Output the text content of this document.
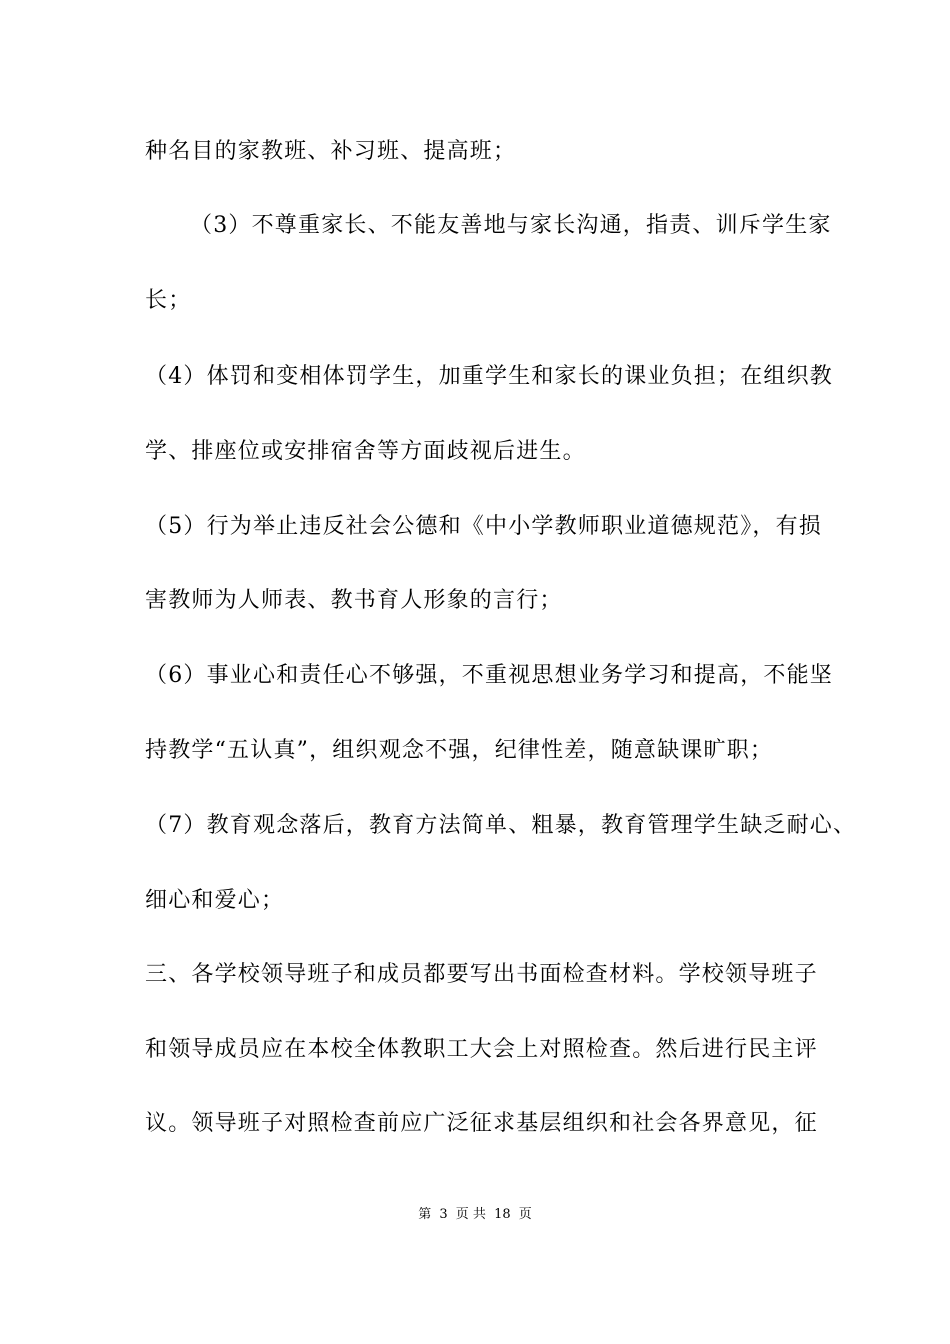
种名目的家教班、补习班、提高班；
（3）不尊重家长、不能友善地与家长沟通，指责、训斥学生家
长；
（4）体罚和变相体罚学生，加重学生和家长的课业负担；在组织教
学、排座位或安排宿舍等方面歧视后进生。
（5）行为举止违反社会公德和《中小学教师职业道德规范》，有损
害教师为人师表、教书育人形象的言行；
（6）事业心和责任心不够强，不重视思想业务学习和提高，不能坚
持教学“五认真”，组织观念不强，纪律性差，随意缺课旷职；
（7）教育观念落后，教育方法简单、粗暴，教育管理学生缺乏耐心、
细心和爱心；
三、各学校领导班子和成员都要写出书面检查材料。学校领导班子
和领导成员应在本校全体教职工大会上对照检查。然后进行民主评
议。领导班子对照检查前应广泛征求基层组织和社会各界意见，征
第 3 页 共 18 页
